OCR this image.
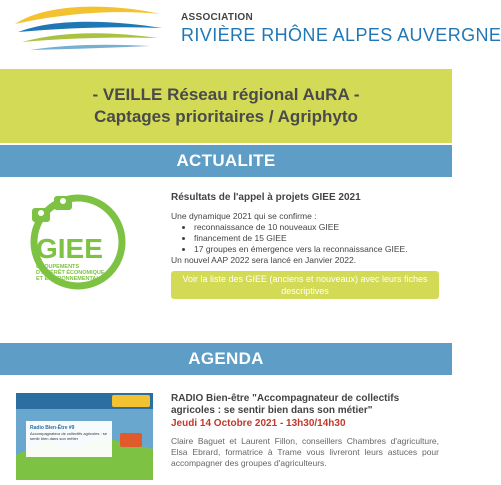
ASSOCIATION
RIVIÈRE RHÔNE ALPES AUVERGNE
- VEILLE Réseau régional AuRA -
Captages prioritaires / Agriphyto
ACTUALITE
GIEE
GROUPEMENTS
D'INTÉRÊT ÉCONOMIQUE
ET ENVIRONNEMENTAL
Résultats de l'appel à projets GIEE 2021
Une dynamique 2021 qui se confirme :
• reconnaissance de 10 nouveaux GIEE
• financement de 15 GIEE
• 17 groupes en émergence vers la reconnaissance GIEE.
Un nouvel AAP 2022 sera lancé en Janvier 2022.
Voir la liste des GIEE (anciens et nouveaux) avec leurs fiches descriptives
AGENDA
Radio Bien-Être #9
Accompagnateur de collectifs agricoles : se sentir bien dans son métier
RADIO Bien-être "Accompagnateur de collectifs agricoles : se sentir bien dans son métier"
Jeudi 14 Octobre 2021 - 13h30/14h30
Claire Baguet et Laurent Fillon, conseillers Chambres d'agriculture, Elsa Ebrard, formatrice à Trame vous livreront leurs astuces pour accompagner des groupes d'agriculteurs.
